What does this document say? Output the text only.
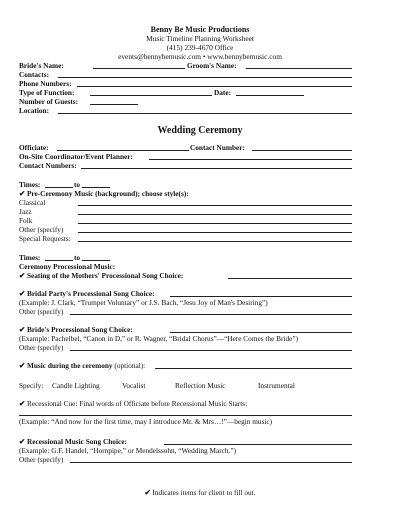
Benny Be Music Productions
Music Timeline Planning Worksheet
(415) 239-4670 Office
events@bennybemusic.com • www.bennybemusic.com
Bride's Name:	Groom's Name:
Contacts:
Phone Numbers:
Type of Function:	Date:
Number of Guests:
Location:
Wedding Ceremony
Officiate:	Contact Number:
On-Site Coordinator/Event Planner:
Contact Numbers:
Times:	to
✔ Pre-Ceremony Music (background); choose style(s):
Classical
Jazz
Folk
Other (specify)
Special Requests:
Times:	to
Ceremony Processional Music:
✔ Seating of the Mothers' Processional Song Choice:
✔ Bridal Party's Processional Song Choice:
(Example: J. Clark, “Trumpet Voluntary” or J.S. Bach, “Jesu Joy of Man's Desiring”)
Other (specify)
✔ Bride's Processional Song Choice:
(Example: Pachelbel, “Canon in D,” or R. Wagner, “Bridal Chorus”—“Here Comes the Bride”)
Other (specify)
✔ Music during the ceremony (optional):
Specify: Candle Lighting	Vocalist	Reflection Music	Instrumental
✔ Recessional Cue: Final words of Officiate before Recessional Music Starts:
(Example: “And now for the first time, may I introduce Mr. & Mrs…!”—begin music)
✔ Recessional Music Song Choice:
(Example: G.F. Handel, “Hornpipe,” or Mendelssohn, “Wedding March.”)
Other (specify)
✔ Indicates items for client to fill out.
